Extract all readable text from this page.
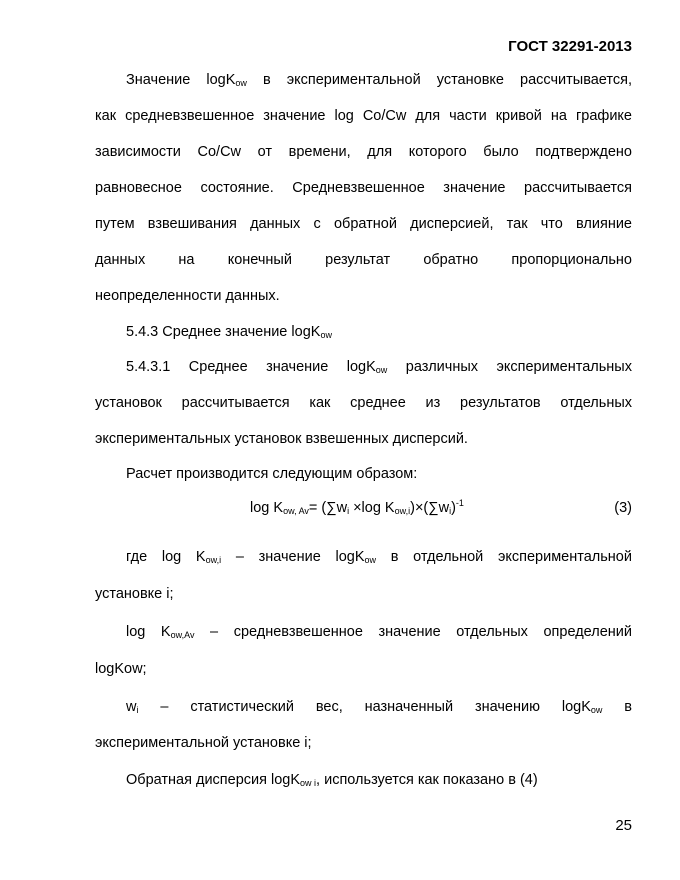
ГОСТ 32291-2013
Значение logK$_{ow}$ в экспериментальной установке рассчитывается,
как средневзвешенное значение log Co/Cw для части кривой на графике
зависимости Co/Cw от времени, для которого было подтверждено
равновесное состояние. Средневзвешенное значение рассчитывается
путем взвешивания данных с обратной дисперсией, так что влияние
данных на конечный результат обратно пропорционально
неопределенности данных.
5.4.3 Среднее значение logK$_{ow}$
5.4.3.1 Среднее значение logK$_{ow}$ различных экспериментальных
установок рассчитывается как среднее из результатов отдельных
экспериментальных установок взвешенных дисперсий.
Расчет производится следующим образом:
$\log K_{ow, Av}= (\sum w_i \times\log$ $K_{ow,i})\times(\sum w_i)^{-1}$	(3)
где $\log K_{ow,i}$ – значение logK$_{ow}$ в отдельной экспериментальной
установке i;
$\log K_{ow,Av}$ – средневзвешенное значение отдельных определений
logKow;
$w_i$ – статистический вес, назначенный значению logK$_{ow}$ в
экспериментальной установке i;
Обратная дисперсия logK$_{ow i}$, используется как показано в (4)
25
